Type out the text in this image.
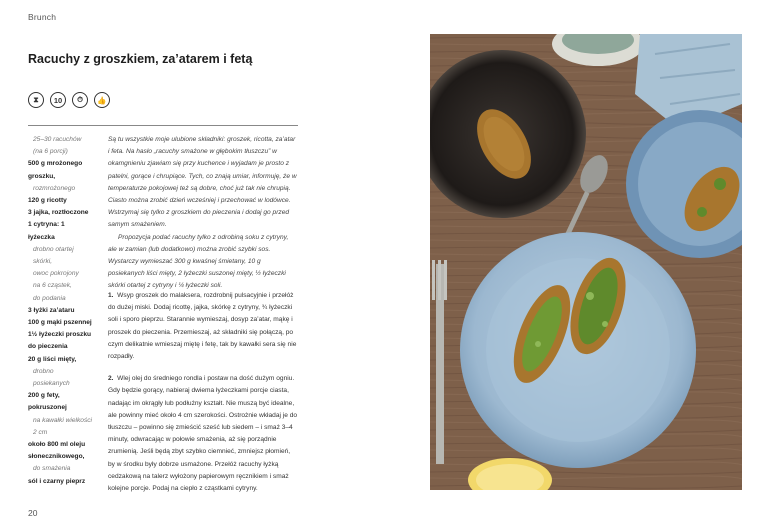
Brunch
Racuchy z groszkiem, za’atarem i fetą
⧗	10	⏱	👍
25–30 racuchów
(na 6 porcji)
500 g mrożonego
groszku,
rozmrożonego
120 g ricotty
3 jajka, roztłoczone
1 cytryna: 1 łyżeczka
drobno otartej skórki,
owoc pokrojony
na 6 cząstek,
do podania
3 łyżki za’ataru
100 g mąki pszennej
1½ łyżeczki proszku
do pieczenia
20 g liści mięty,
drobno posiekanych
200 g fety, pokruszonej
na kawałki wielkości
2 cm
około 800 ml oleju
słonecznikowego,
do smażenia
sól i czarny pieprz

Są tu wszystkie moje ulubione składniki: groszek, ricotta, za’atar i feta. Na hasło „racuchy smażone w głębokim tłuszczu” w okamgnieniu zjawiam się przy kuchence i wyjadam je prosto z patelni, gorące i chrupiące. Tych, co znają umiar, informuję, że w temperaturze pokojowej też są dobre, choć już tak nie chrupią. Ciasto można zrobić dzień wcześniej i przechować w lodówce. Wstrzymaj się tylko z groszkiem do pieczenia i dodaj go przed samym smażeniem.

Propozycja podać racuchy tylko z odrobiną soku z cytryny, ale w zamian (lub dodatkowo) można zrobić szybki sos. Wystarczy wymieszać 300 g kwaśnej śmietany, 10 g posiekanych liści mięty, 2 łyżeczki suszonej mięty, ½ łyżeczki skórki otartej z cytryny i ¼ łyżeczki soli.

1. Wsyp groszek do malaksera, rozdrobnij pulsacyjnie i przełóż do dużej miski. Dodaj ricottę, jajka, skórkę z cytryny, ¾ łyżeczki soli i sporo pieprzu. Starannie wymieszaj, dosyp za’atar, mąkę i proszek do pieczenia. Przemieszaj, aż składniki się połączą, po czym delikatnie wmieszaj miętę i fetę, tak by kawałki sera się nie rozpadły.

2. Wlej olej do średniego rondla i postaw na dość dużym ogniu. Gdy będzie gorący, nabieraj dwiema łyżeczkami porcje ciasta, nadając im okrągły lub podłużny kształt. Nie muszą być idealne, ale powinny mieć około 4 cm szerokości. Ostrożnie wkładaj je do tłuszczu – powinno się zmieścić sześć lub siedem – i smaż 3–4 minuty, odwracając w połowie smażenia, aż się porządnie zrumienią. Jeśli będą zbyt szybko ciemnieć, zmniejsz płomień, by w środku były dobrze usmażone. Przełóż racuchy łyżką cedzakową na talerz wyłożony papierowym ręcznikiem i smaż kolejne porcje. Podaj na ciepło z cząstkami cytryny.

20
